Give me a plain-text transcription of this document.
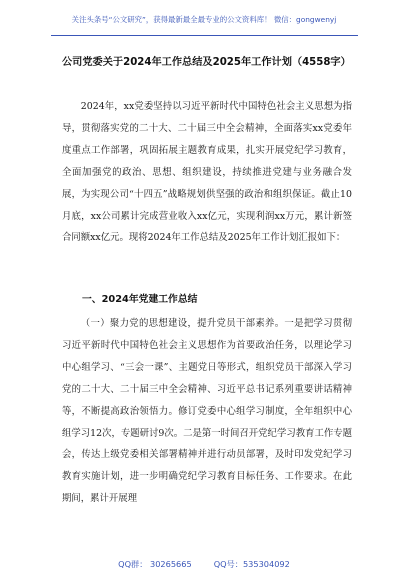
关注头条号“公文研究”，获得最新最全最专业的公文资料库！ 微信：gongwenyj
公司党委关于2024年工作总结及2025年工作计划（4558字）

2024年，xx党委坚持以习近平新时代中国特色社会主义思想为指导，贯彻落实党的二十大、二十届三中全会精神，全面落实xx党委年度重点工作部署，巩固拓展主题教育成果，扎实开展党纪学习教育，全面加强党的政治、思想、组织建设，持续推进党建与业务融合发展，为实现公司“十四五”战略规划供坚强的政治和组织保证。截止10月底，xx公司累计完成营业收入xx亿元，实现利润xx万元，累计新签合同额xx亿元。现将2024年工作总结及2025年工作计划汇报如下：

一、2024年党建工作总结

（一）聚力党的思想建设，提升党员干部素养。一是把学习贯彻习近平新时代中国特色社会主义思想作为首要政治任务，以理论学习中心组学习、“三会一课”、主题党日等形式，组织党员干部深入学习党的二十大、二十届三中全会精神、习近平总书记系列重要讲话精神等，不断提高政治领悟力。修订党委中心组学习制度，全年组织中心组学习12次，专题研讨9次。二是第一时间召开党纪学习教育工作专题会，传达上级党委相关部署精神并进行动员部署，及时印发党纪学习教育实施计划，进一步明确党纪学习教育目标任务、工作要求。在此期间，累计开展理

QQ群： 30265665	QQ号：535304092
